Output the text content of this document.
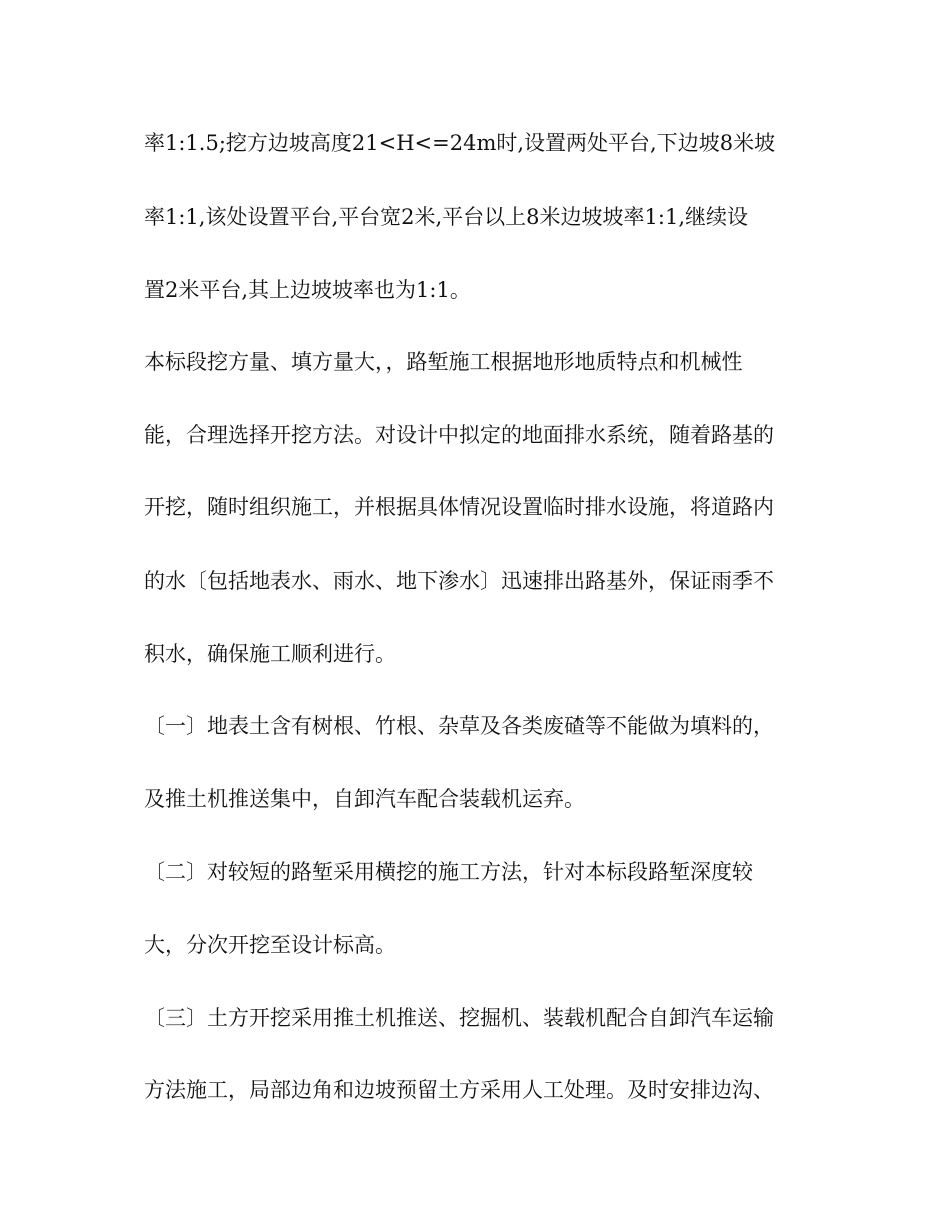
率1:1.5;挖方边坡高度21<H<=24m时,设置两处平台,下边坡8米坡
率1:1,该处设置平台,平台宽2米,平台以上8米边坡坡率1:1,继续设
置2米平台,其上边坡坡率也为1:1。
本标段挖方量、填方量大，，路堑施工根据地形地质特点和机械性
能，合理选择开挖方法。对设计中拟定的地面排水系统，随着路基的
开挖，随时组织施工，并根据具体情况设置临时排水设施，将道路内
的水〔包括地表水、雨水、地下渗水〕迅速排出路基外，保证雨季不
积水，确保施工顺利进行。
〔一〕地表土含有树根、竹根、杂草及各类废碴等不能做为填料的，
及推土机推送集中，自卸汽车配合装载机运弃。
〔二〕对较短的路堑采用横挖的施工方法，针对本标段路堑深度较
大，分次开挖至设计标高。
〔三〕土方开挖采用推土机推送、挖掘机、装载机配合自卸汽车运输
方法施工，局部边角和边坡预留土方采用人工处理。及时安排边沟、
